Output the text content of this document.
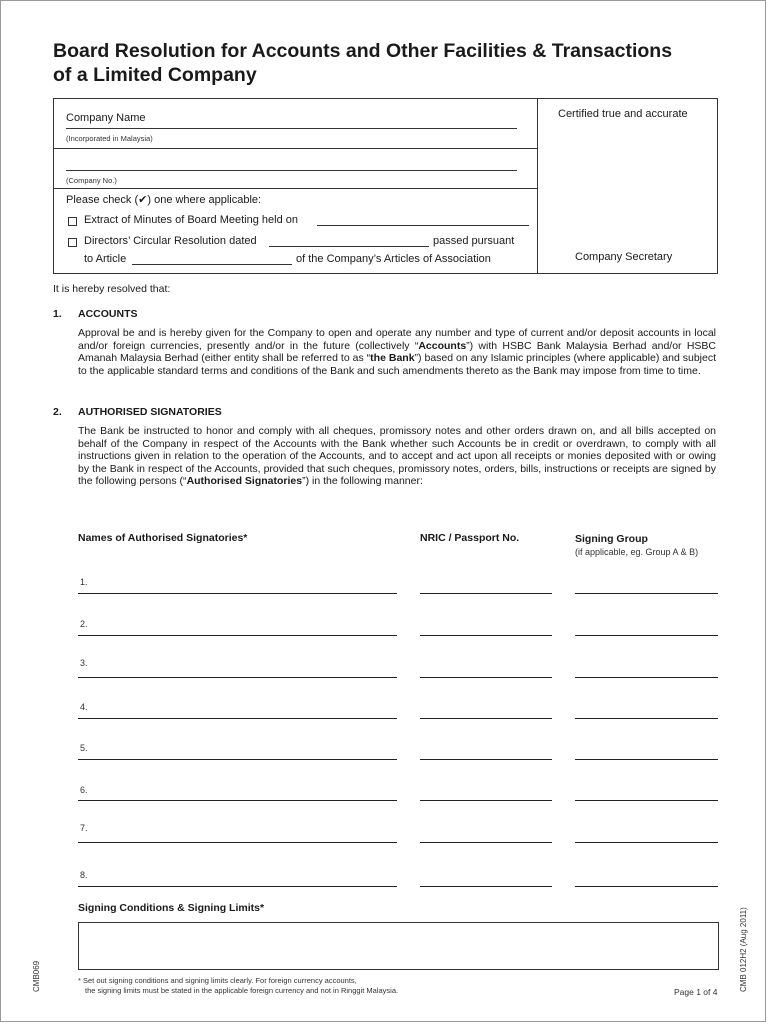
Board Resolution for Accounts and Other Facilities & Transactions
of a Limited Company
Company Name
(Incorporated in Malaysia)
(Company No.)
Please check (✔) one where applicable:
Extract of Minutes of Board Meeting held on
Directors’ Circular Resolution dated	passed pursuant
to Article	of the Company’s Articles of Association
Certified true and accurate
Company Secretary
It is hereby resolved that:
1. ACCOUNTS
Approval be and is hereby given for the Company to open and operate any number and type of current and/or deposit accounts in local and/or foreign currencies, presently and/or in the future (collectively “Accounts”) with HSBC Bank Malaysia Berhad and/or HSBC Amanah Malaysia Berhad (either entity shall be referred to as “the Bank”) based on any Islamic principles (where applicable) and subject to the applicable standard terms and conditions of the Bank and such amendments thereto as the Bank may impose from time to time.
2. AUTHORISED SIGNATORIES
The Bank be instructed to honor and comply with all cheques, promissory notes and other orders drawn on, and all bills accepted on behalf of the Company in respect of the Accounts with the Bank whether such Accounts be in credit or overdrawn, to comply with all instructions given in relation to the operation of the Accounts, and to accept and act upon all receipts or monies deposited with or owing by the Bank in respect of the Accounts, provided that such cheques, promissory notes, orders, bills, instructions or receipts are signed by the following persons (“Authorised Signatories”) in the following manner:
Names of Authorised Signatories*	NRIC / Passport No.	Signing Group
(if applicable, eg. Group A & B)
1.
2.
3.
4.
5.
6.
7.
8.
Signing Conditions & Signing Limits*
* Set out signing conditions and signing limits clearly. For foreign currency accounts,
the signing limits must be stated in the applicable foreign currency and not in Ringgit Malaysia.	Page 1 of 4
CMB069	CMB 012H2 (Aug 2011)
